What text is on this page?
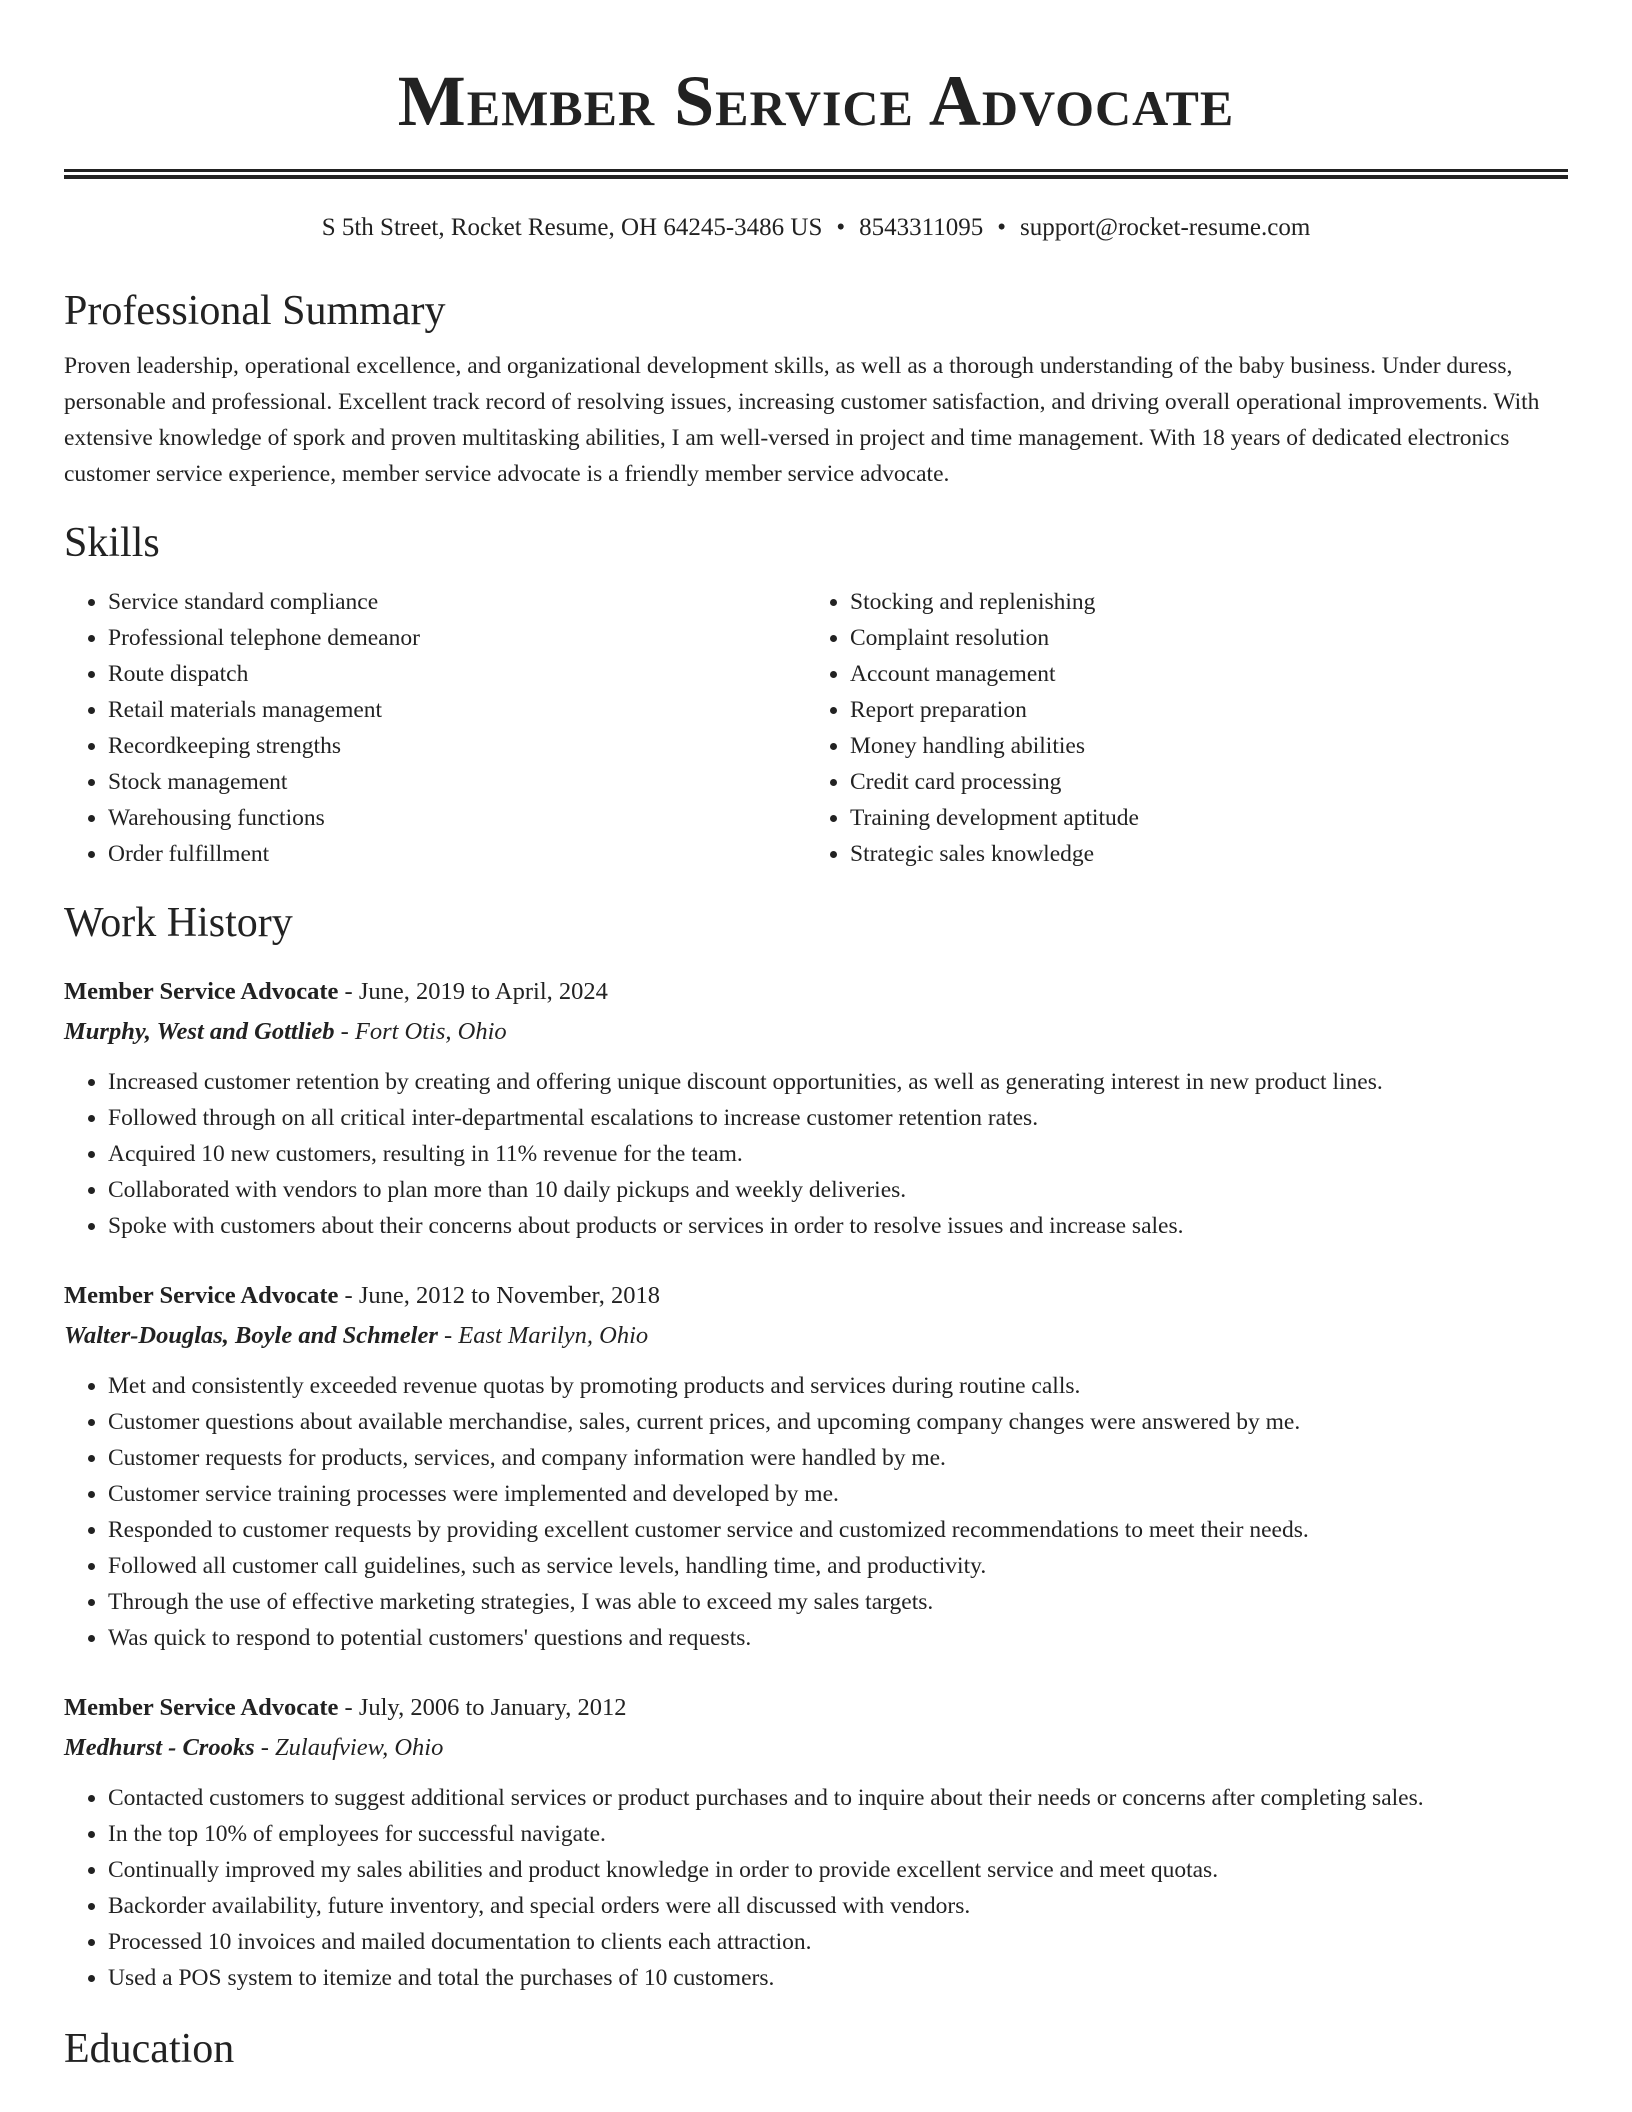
Member Service Advocate
S 5th Street, Rocket Resume, OH 64245-3486 US • 8543311095 • support@rocket-resume.com
Professional Summary

Proven leadership, operational excellence, and organizational development skills, as well as a thorough understanding of the baby business. Under duress, personable and professional. Excellent track record of resolving issues, increasing customer satisfaction, and driving overall operational improvements. With extensive knowledge of spork and proven multitasking abilities, I am well-versed in project and time management. With 18 years of dedicated electronics customer service experience, member service advocate is a friendly member service advocate.

Skills
• Service standard compliance
• Professional telephone demeanor
• Route dispatch
• Retail materials management
• Recordkeeping strengths
• Stock management
• Warehousing functions
• Order fulfillment
• Stocking and replenishing
• Complaint resolution
• Account management
• Report preparation
• Money handling abilities
• Credit card processing
• Training development aptitude
• Strategic sales knowledge
Work History
Member Service Advocate - June, 2019 to April, 2024
Murphy, West and Gottlieb - Fort Otis, Ohio
• Increased customer retention by creating and offering unique discount opportunities, as well as generating interest in new product lines.
• Followed through on all critical inter-departmental escalations to increase customer retention rates.
• Acquired 10 new customers, resulting in 11% revenue for the team.
• Collaborated with vendors to plan more than 10 daily pickups and weekly deliveries.
• Spoke with customers about their concerns about products or services in order to resolve issues and increase sales.
Member Service Advocate - June, 2012 to November, 2018
Walter-Douglas, Boyle and Schmeler - East Marilyn, Ohio
• Met and consistently exceeded revenue quotas by promoting products and services during routine calls.
• Customer questions about available merchandise, sales, current prices, and upcoming company changes were answered by me.
• Customer requests for products, services, and company information were handled by me.
• Customer service training processes were implemented and developed by me.
• Responded to customer requests by providing excellent customer service and customized recommendations to meet their needs.
• Followed all customer call guidelines, such as service levels, handling time, and productivity.
• Through the use of effective marketing strategies, I was able to exceed my sales targets.
• Was quick to respond to potential customers' questions and requests.
Member Service Advocate - July, 2006 to January, 2012
Medhurst - Crooks - Zulaufview, Ohio
• Contacted customers to suggest additional services or product purchases and to inquire about their needs or concerns after completing sales.
• In the top 10% of employees for successful navigate.
• Continually improved my sales abilities and product knowledge in order to provide excellent service and meet quotas.
• Backorder availability, future inventory, and special orders were all discussed with vendors.
• Processed 10 invoices and mailed documentation to clients each attraction.
• Used a POS system to itemize and total the purchases of 10 customers.
Education
